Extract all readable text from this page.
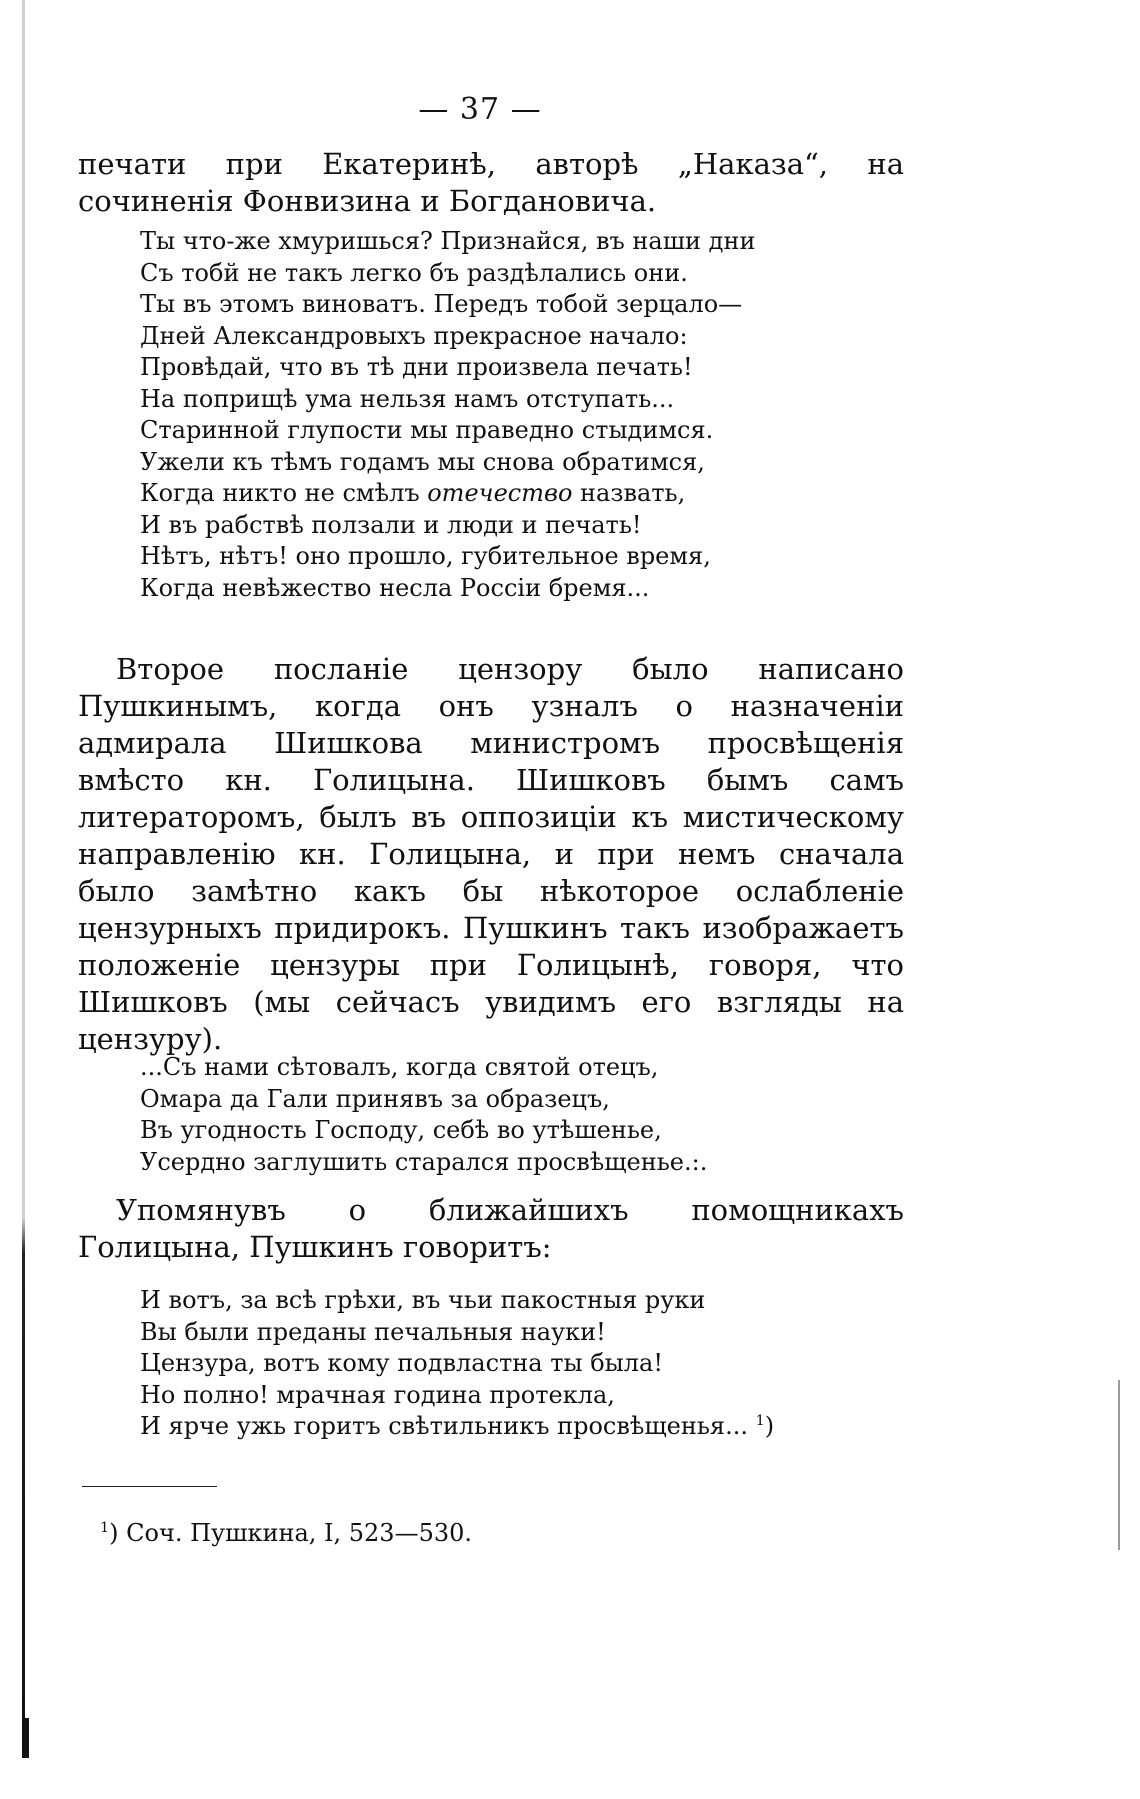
— 37 —

печати при Екатеринѣ, авторѣ „Наказа“, на сочиненія Фонвизина и Богдановича.

Ты что-же хмуришься? Признайся, въ наши дни
Съ тобй не такъ легко бъ раздѣлались они.
Ты въ этомъ виноватъ. Передъ тобой зерцало—
Дней Александровыхъ прекрасное начало:
Провѣдай, что въ тѣ дни произвела печать!
На поприщѣ ума нельзя намъ отступать...
Старинной глупости мы праведно стыдимся.
Ужели къ тѣмъ годамъ мы снова обратимся,
Когда никто не смѣлъ отечество назвать,
И въ рабствѣ ползали и люди и печать!
Нѣтъ, нѣтъ! оно прошло, губительное время,
Когда невѣжество несла Россіи бремя...

Второе посланіе цензору было написано Пушкинымъ, когда онъ узналъ о назначеніи адмирала Шишкова министромъ просвѣщенія вмѣсто кн. Голицына. Шишковъ бымъ самъ литераторомъ, былъ въ оппозиціи къ мистическому направленію кн. Голицына, и при немъ сначала было замѣтно какъ бы нѣкоторое ослабленіе цензурныхъ придирокъ. Пушкинъ такъ изображаетъ положеніе цензуры при Голицынѣ, говоря, что Шишковъ (мы сейчасъ увидимъ его взгляды на цензуру).

...Съ нами сѣтовалъ, когда святой отецъ,
Омара да Гали принявъ за образецъ,
Въ угодность Господу, себѣ во утѣшенье,
Усердно заглушить старался просвѣщенье.:.

Упомянувъ о ближайшихъ помощникахъ Голицына, Пушкинъ говоритъ:

И вотъ, за всѣ грѣхи, въ чьи пакостныя руки
Вы были преданы печальныя науки!
Цензура, вотъ кому подвластна ты была!
Но полно! мрачная година протекла,
И ярче ужь горитъ свѣтильникъ просвѣщенья... $^1$)
$^1$) Соч. Пушкина, I, 523—530.
